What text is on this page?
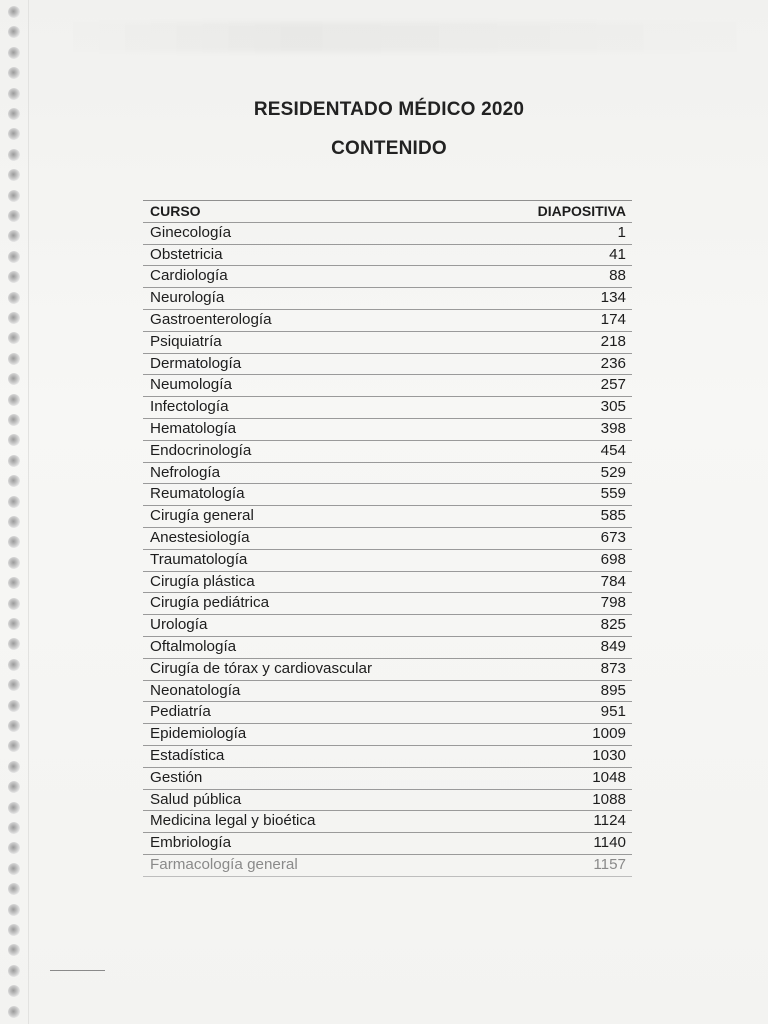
RESIDENTADO MÉDICO 2020
CONTENIDO
CURSO	DIAPOSITIVA
Ginecología	1
Obstetricia	41
Cardiología	88
Neurología	134
Gastroenterología	174
Psiquiatría	218
Dermatología	236
Neumología	257
Infectología	305
Hematología	398
Endocrinología	454
Nefrología	529
Reumatología	559
Cirugía general	585
Anestesiología	673
Traumatología	698
Cirugía plástica	784
Cirugía pediátrica	798
Urología	825
Oftalmología	849
Cirugía de tórax y cardiovascular	873
Neonatología	895
Pediatría	951
Epidemiología	1009
Estadística	1030
Gestión	1048
Salud pública	1088
Medicina legal y bioética	1124
Embriología	1140
Farmacología general	1157
